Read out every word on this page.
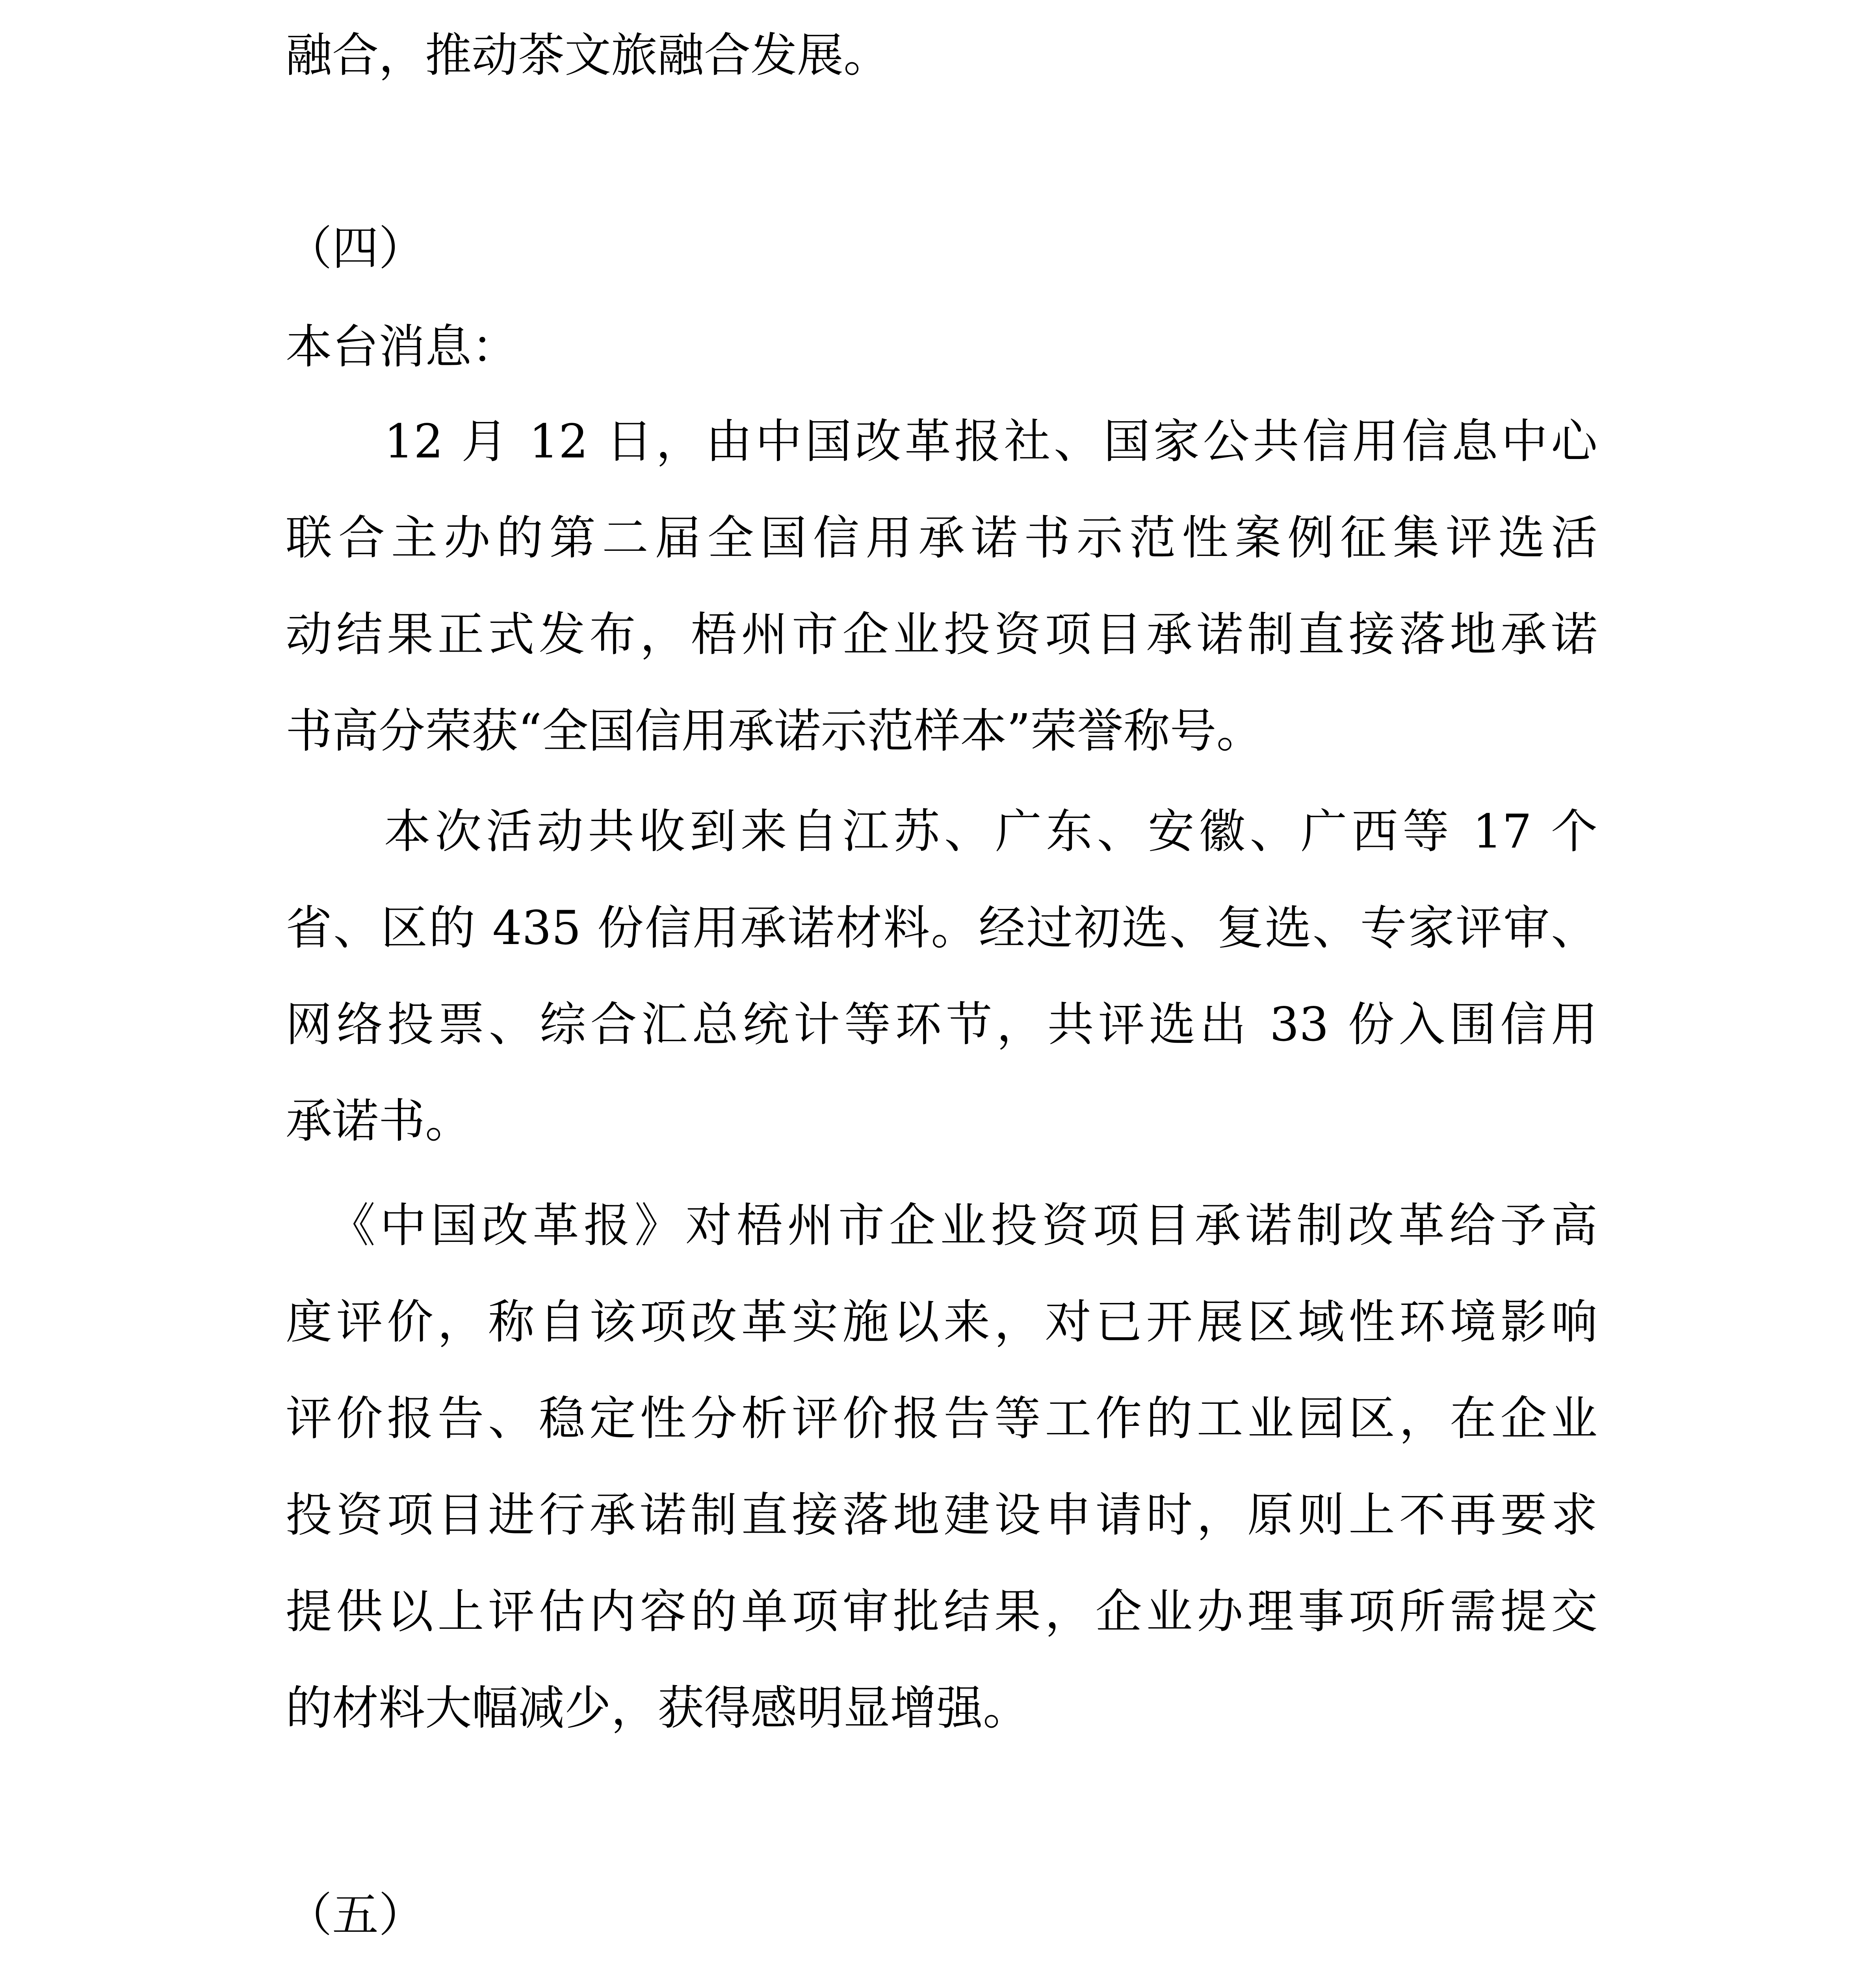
融合，推动茶文旅融合发展。
（四）
本台消息：
12 月 12 日，由中国改革报社、国家公共信用信息中心
联合主办的第二届全国信用承诺书示范性案例征集评选活
动结果正式发布，梧州市企业投资项目承诺制直接落地承诺
书高分荣获“全国信用承诺示范样本”荣誉称号。
本次活动共收到来自江苏、广东、安徽、广西等 17 个
省、区的 435 份信用承诺材料。经过初选、复选、专家评审、
网络投票、综合汇总统计等环节，共评选出 33 份入围信用
承诺书。
《中国改革报》对梧州市企业投资项目承诺制改革给予高
度评价，称自该项改革实施以来，对已开展区域性环境影响
评价报告、稳定性分析评价报告等工作的工业园区，在企业
投资项目进行承诺制直接落地建设申请时，原则上不再要求
提供以上评估内容的单项审批结果，企业办理事项所需提交
的材料大幅减少，获得感明显增强。
（五）
